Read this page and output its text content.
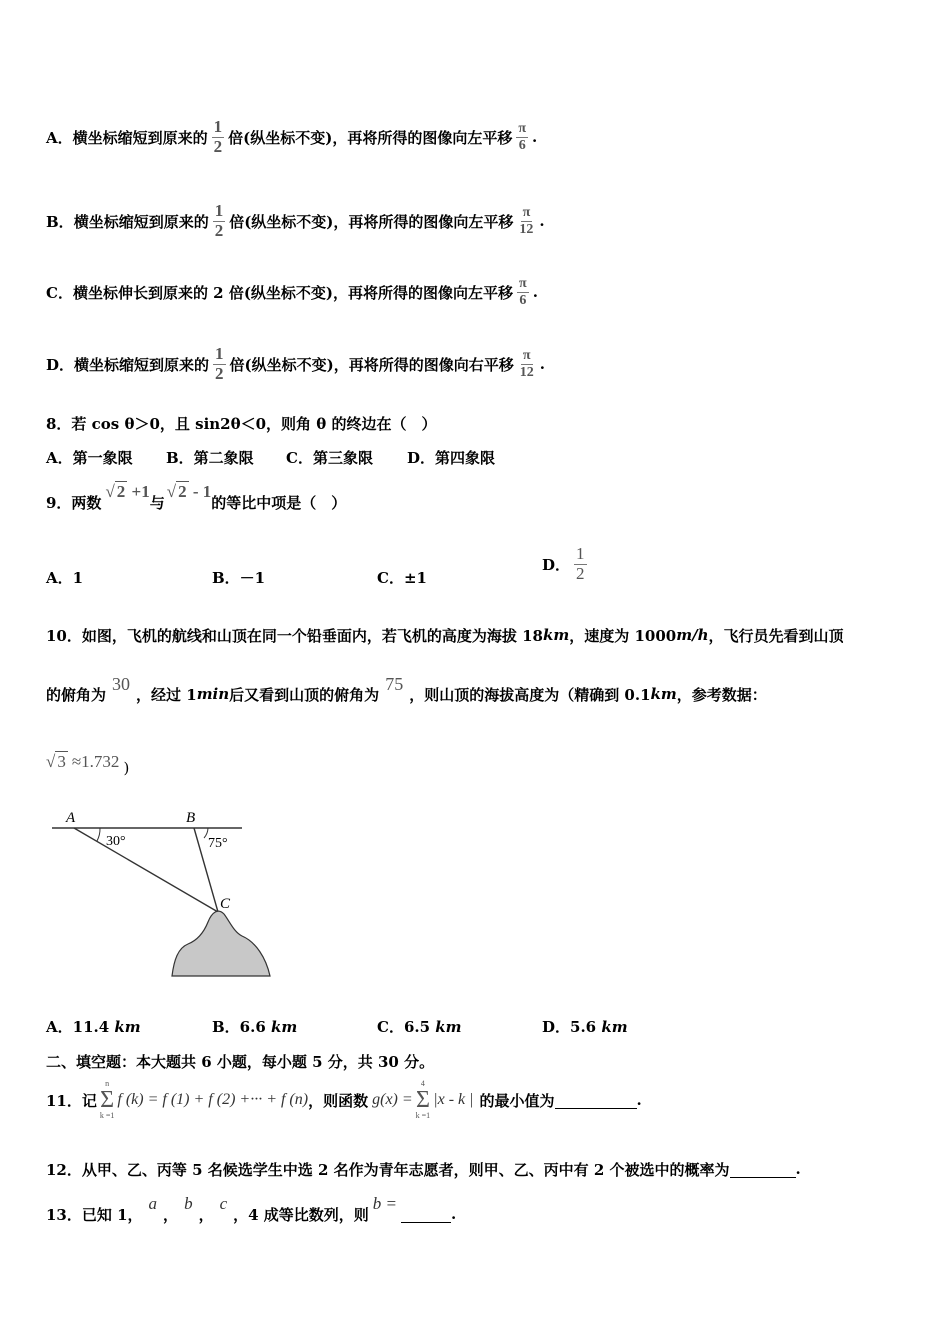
A． 横坐标缩短到原来的 $\frac{1}{2}$ 倍(纵坐标不变)，再将所得的图像向左平移 $\frac{\pi}{6}$ .
B． 横坐标缩短到原来的 $\frac{1}{2}$ 倍(纵坐标不变)，再将所得的图像向左平移 $\frac{\pi}{12}$ .
C． 横坐标伸长到原来的 2 倍(纵坐标不变)，再将所得的图像向左平移 $\frac{\pi}{6}$ .
D． 横坐标缩短到原来的 $\frac{1}{2}$ 倍(纵坐标不变)，再将所得的图像向右平移 $\frac{\pi}{12}$ .
8．若 cos θ＞0，且 sin2θ＜0，则角 θ 的终边在（　）
A．第一象限 B．第二象限 C．第三象限 D．第四象限
9．两数
√ 2 +1
与
√ 2 - 1
的等比中项是（　）
A．1	B．－1	C．±1
D． $\frac{1}{2}$
10．如图，飞机的航线和山顶在同一个铅垂面内，若飞机的高度为海拔 18 km ，速度为 1000 m/h ，飞行员先看到山顶
的俯角为
30
，经过 1 min 后又看到山顶的俯角为
75
，则山顶的海拔高度为（精确到 0.1 km ，参考数据：
√ 3 ≈1.732 )
A	B
C
30°	75°
A．11.4 km	B．6.6 km	C．6.5 km	D．5.6 km
二、填空题：本大题共 6 小题，每小题 5 分，共 30 分。
11．记
n
Σ
k =1
f (k) = f (1) + f (2) +··· + f (n) ，则函数 g(x) =
4
Σ
k =1
|x - k | 的最小值为	.
12．从甲、乙、丙等 5 名候选学生中选 2 名作为青年志愿者，则甲、乙、丙中有 2 个被选中的概率为	.
13．已知 1，
a
，
b
，
c
，4 成等比数列，则
b =
.
